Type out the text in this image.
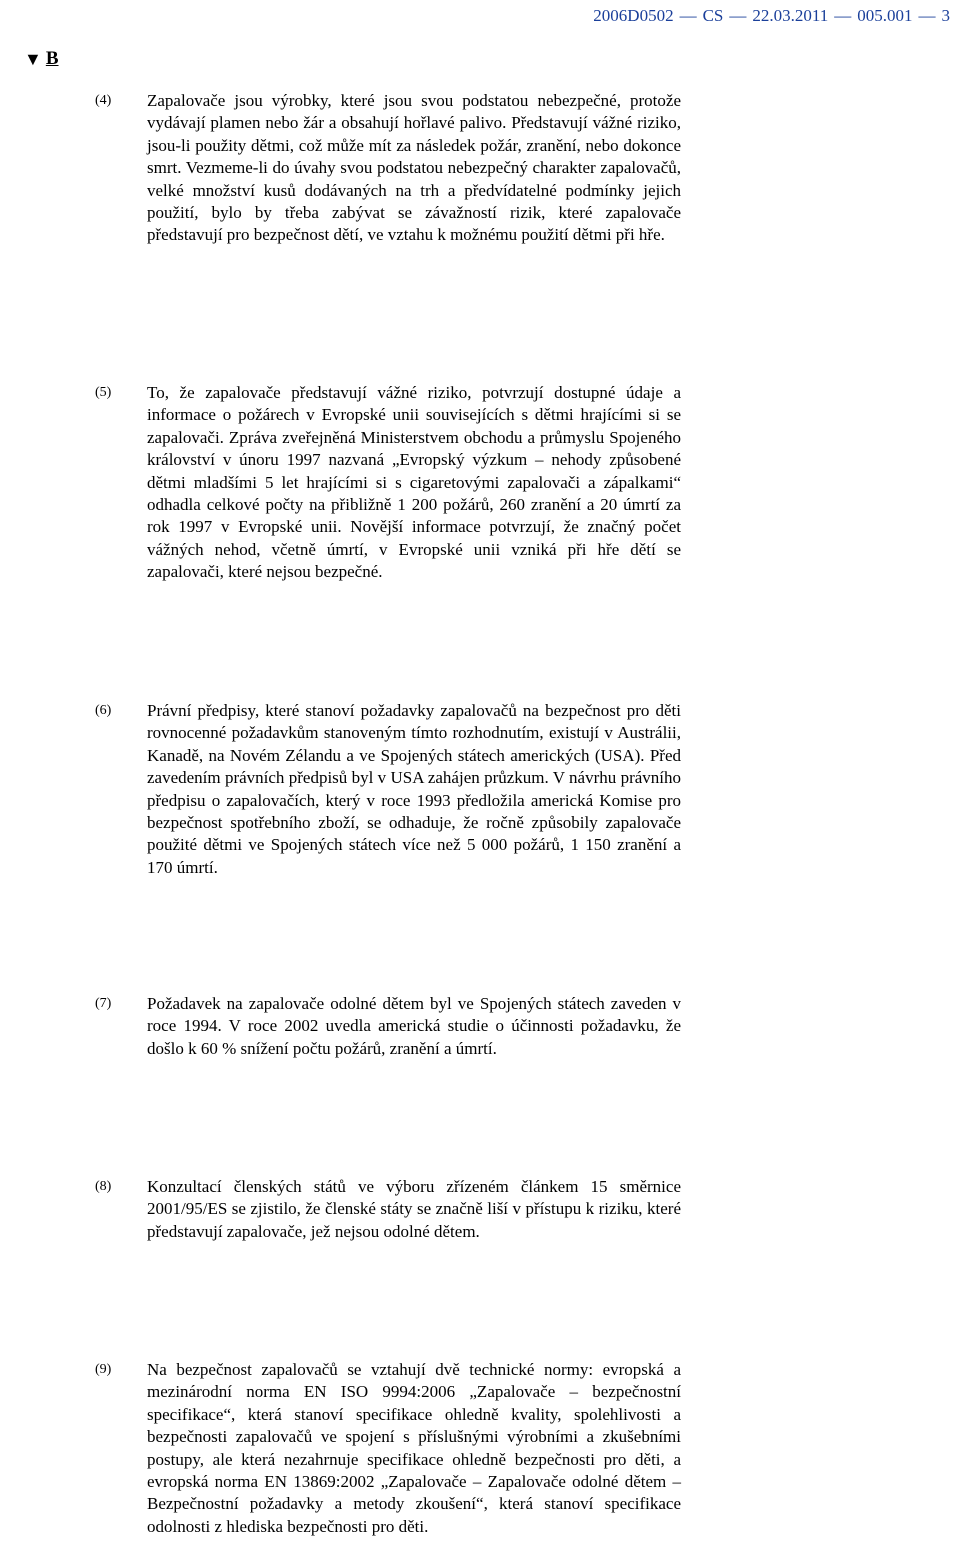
2006D0502 — CS — 22.03.2011 — 005.001 — 3
▼ B
(4)	Zapalovače jsou výrobky, které jsou svou podstatou nebezpečné, protože vydávají plamen nebo žár a obsahují hořlavé palivo. Představují vážné riziko, jsou-li použity dětmi, což může mít za následek požár, zranění, nebo dokonce smrt. Vezmeme-li do úvahy svou podstatou nebezpečný charakter zapalovačů, velké množství kusů dodávaných na trh a předvídatelné podmínky jejich použití, bylo by třeba zabývat se závažností rizik, které zapalovače představují pro bezpečnost dětí, ve vztahu k možnému použití dětmi při hře.
(5)	To, že zapalovače představují vážné riziko, potvrzují dostupné údaje a informace o požárech v Evropské unii souvisejících s dětmi hrajícími si se zapalovači. Zpráva zveřejněná Ministerstvem obchodu a průmyslu Spojeného království v únoru 1997 nazvaná „Evropský výzkum – nehody způsobené dětmi mladšími 5 let hrajícími si s cigaretovými zapalovači a zápalkami“ odhadla celkové počty na přibližně 1 200 požárů, 260 zranění a 20 úmrtí za rok 1997 v Evropské unii. Novější informace potvrzují, že značný počet vážných nehod, včetně úmrtí, v Evropské unii vzniká při hře dětí se zapalovači, které nejsou bezpečné.
(6)	Právní předpisy, které stanoví požadavky zapalovačů na bezpečnost pro děti rovnocenné požadavkům stanoveným tímto rozhodnutím, existují v Austrálii, Kanadě, na Novém Zélandu a ve Spojených státech amerických (USA). Před zavedením právních předpisů byl v USA zahájen průzkum. V návrhu právního předpisu o zapalovačích, který v roce 1993 předložila americká Komise pro bezpečnost spotřebního zboží, se odhaduje, že ročně způsobily zapalovače použité dětmi ve Spojených státech více než 5 000 požárů, 1 150 zranění a 170 úmrtí.
(7)	Požadavek na zapalovače odolné dětem byl ve Spojených státech zaveden v roce 1994. V roce 2002 uvedla americká studie o účinnosti požadavku, že došlo k 60 % snížení počtu požárů, zranění a úmrtí.
(8)	Konzultací členských států ve výboru zřízeném článkem 15 směrnice 2001/95/ES se zjistilo, že členské státy se značně liší v přístupu k riziku, které představují zapalovače, jež nejsou odolné dětem.
(9)	Na bezpečnost zapalovačů se vztahují dvě technické normy: evropská a mezinárodní norma EN ISO 9994:2006 „Zapalovače – bezpečnostní specifikace“, která stanoví specifikace ohledně kvality, spolehlivosti a bezpečnosti zapalovačů ve spojení s příslušnými výrobními a zkušebními postupy, ale která nezahrnuje specifikace ohledně bezpečnosti pro děti, a evropská norma EN 13869:2002 „Zapalovače – Zapalovače odolné dětem – Bezpečnostní požadavky a metody zkoušení“, která stanoví specifikace odolnosti z hlediska bezpečnosti pro děti.
